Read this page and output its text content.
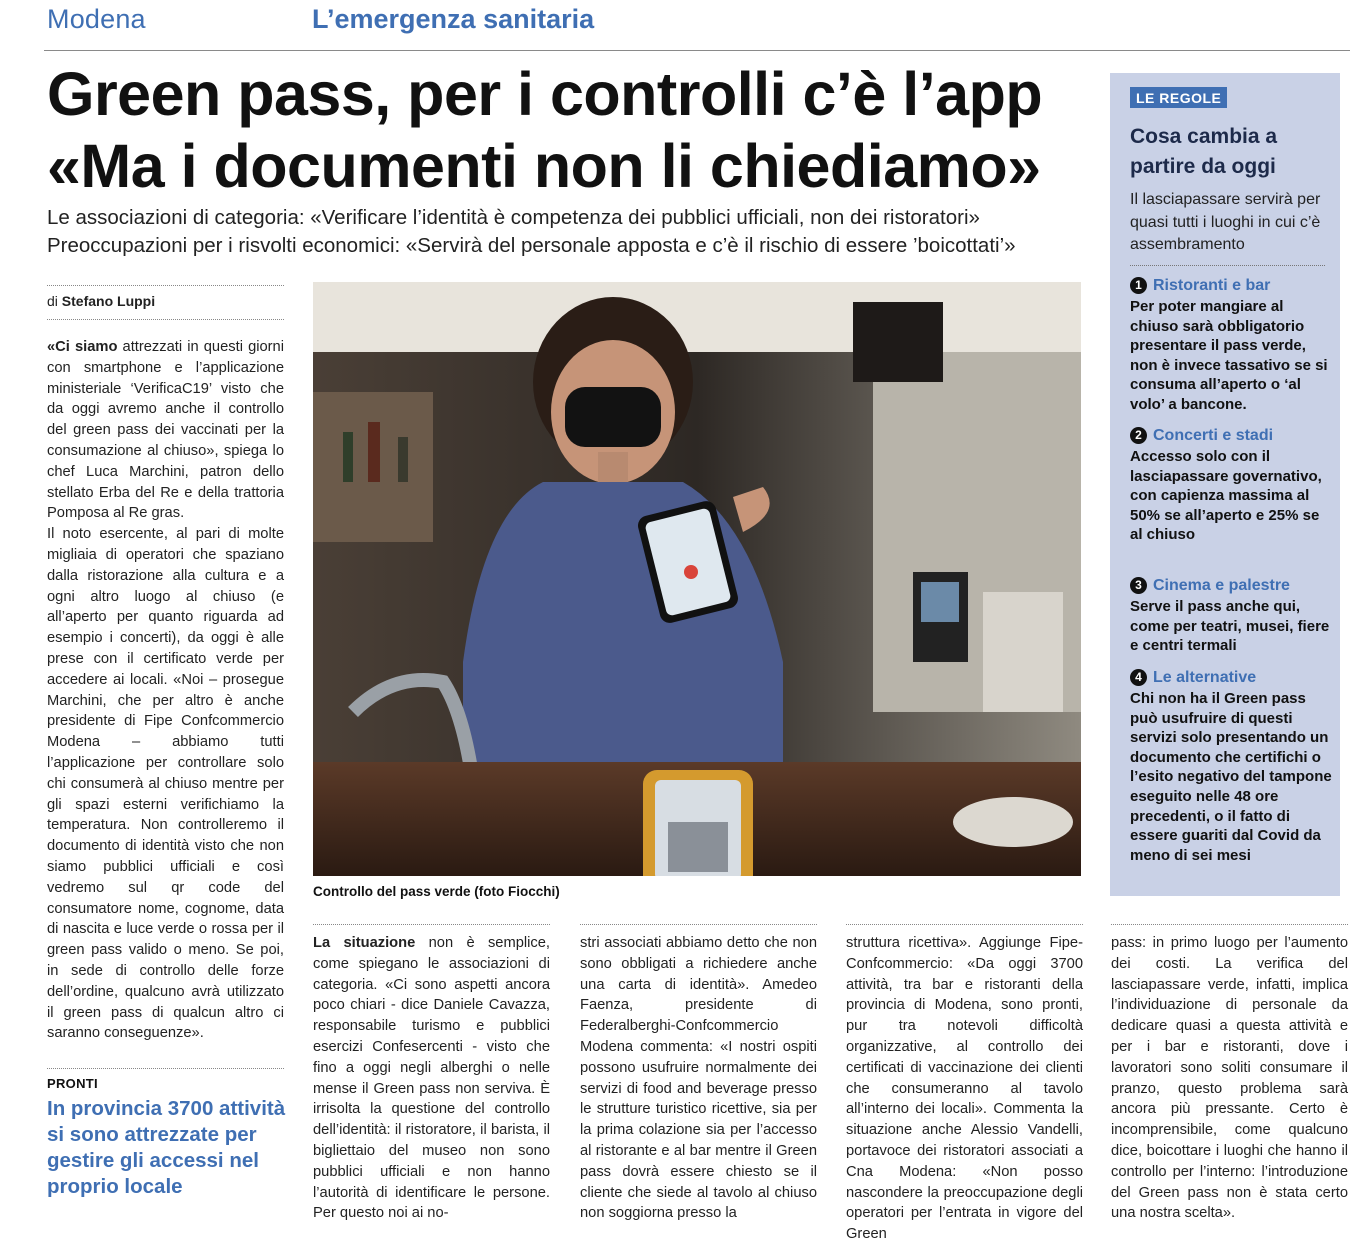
Modena	L’emergenza sanitaria
Green pass, per i controlli c’è l’app
«Ma i documenti non li chiediamo»
Le associazioni di categoria: «Verificare l’identità è competenza dei pubblici ufficiali, non dei ristoratori»
Preoccupazioni per i risvolti economici: «Servirà del personale apposta e c’è il rischio di essere ’boicottati’»
LE REGOLE
Cosa cambia a partire da oggi
Il lasciapassare servirà per quasi tutti i luoghi in cui c’è assembramento
1 Ristoranti e bar
Per poter mangiare al chiuso sarà obbligatorio presentare il pass verde, non è invece tassativo se si consuma all’aperto o ‘al volo’ a bancone.
2 Concerti e stadi
Accesso solo con il lasciapassare governativo, con capienza massima al 50% se all’aperto e 25% se al chiuso
3 Cinema e palestre
Serve il pass anche qui, come per teatri, musei, fiere e centri termali
4 Le alternative
Chi non ha il Green pass può usufruire di questi servizi solo presentando un documento che certifichi o l’esito negativo del tampone eseguito nelle 48 ore precedenti, o il fatto di essere guariti dal Covid da meno di sei mesi
di Stefano Luppi
«Ci siamo attrezzati in questi giorni con smartphone e l’applicazione ministeriale ‘VerificaC19’ visto che da oggi avremo anche il controllo del green pass dei vaccinati per la consumazione al chiuso», spiega lo chef Luca Marchini, patron dello stellato Erba del Re e della trattoria Pomposa al Re gras.
Il noto esercente, al pari di molte migliaia di operatori che spaziano dalla ristorazione alla cultura e a ogni altro luogo al chiuso (e all’aperto per quanto riguarda ad esempio i concerti), da oggi è alle prese con il certificato verde per accedere ai locali. «Noi – prosegue Marchini, che per altro è anche presidente di Fipe Confcommercio Modena – abbiamo tutti l’applicazione per controllare solo chi consumerà al chiuso mentre per gli spazi esterni verifichiamo la temperatura. Non controlleremo il documento di identità visto che non siamo pubblici ufficiali e così vedremo sul qr code del consumatore nome, cognome, data di nascita e luce verde o rossa per il green pass valido o meno. Se poi, in sede di controllo delle forze dell’ordine, qualcuno avrà utilizzato il green pass di qualcun altro ci saranno conseguenze».
PRONTI
In provincia 3700 attività si sono attrezzate per gestire gli accessi nel proprio locale
Controllo del pass verde (foto Fiocchi)
La situazione non è semplice, come spiegano le associazioni di categoria. «Ci sono aspetti ancora poco chiari - dice Daniele Cavazza, responsabile turismo e pubblici esercizi Confesercenti - visto che fino a oggi negli alberghi o nelle mense il Green pass non serviva. È irrisolta la questione del controllo dell’identità: il ristoratore, il barista, il bigliettaio del museo non sono pubblici ufficiali e non hanno l’autorità di identificare le persone. Per questo noi ai no-
stri associati abbiamo detto che non sono obbligati a richiedere anche una carta di identità». Amedeo Faenza, presidente di Federalberghi-Confcommercio Modena commenta: «I nostri ospiti possono usufruire normalmente dei servizi di food and beverage presso le strutture turistico ricettive, sia per la prima colazione sia per l’accesso al ristorante e al bar mentre il Green pass dovrà essere chiesto se il cliente che siede al tavolo al chiuso non soggiorna presso la
struttura ricettiva». Aggiunge Fipe-Confcommercio: «Da oggi 3700 attività, tra bar e ristoranti della provincia di Modena, sono pronti, pur tra notevoli difficoltà organizzative, al controllo dei certificati di vaccinazione dei clienti che consumeranno al tavolo all’interno dei locali». Commenta la situazione anche Alessio Vandelli, portavoce dei ristoratori associati a Cna Modena: «Non posso nascondere la preoccupazione degli operatori per l’entrata in vigore del Green
pass: in primo luogo per l’aumento dei costi. La verifica del lasciapassare verde, infatti, implica l’individuazione di personale da dedicare quasi a questa attività e per i bar e ristoranti, dove i lavoratori sono soliti consumare il pranzo, questo problema sarà ancora più pressante. Certo è incomprensibile, come qualcuno dice, boicottare i luoghi che hanno il controllo per l’interno: l’introduzione del Green pass non è stata certo una nostra scelta».
